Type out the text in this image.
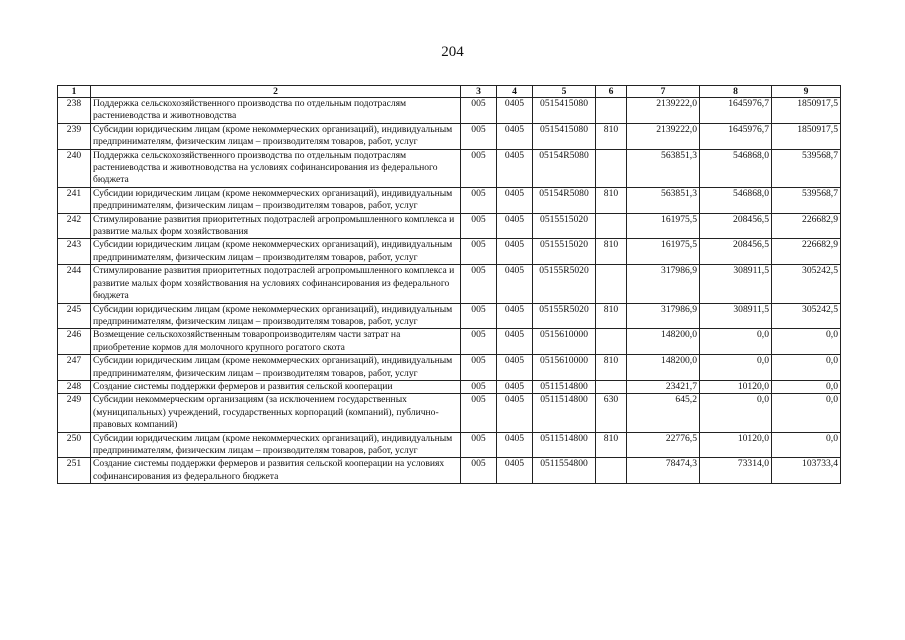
204
1	2	3	4	5	6	7	8	9
238	Поддержка сельскохозяйственного производства по отдельным подотраслям растениеводства и животноводства	005	0405	0515415080		2139222,0	1645976,7	1850917,5
239	Субсидии юридическим лицам (кроме некоммерческих организаций), индивидуальным предпринимателям, физическим лицам – производителям товаров, работ, услуг	005	0405	0515415080	810	2139222,0	1645976,7	1850917,5
240	Поддержка сельскохозяйственного производства по отдельным подотраслям растениеводства и животноводства на условиях софинансирования из федерального бюджета	005	0405	05154R5080		563851,3	546868,0	539568,7
241	Субсидии юридическим лицам (кроме некоммерческих организаций), индивидуальным предпринимателям, физическим лицам – производителям товаров, работ, услуг	005	0405	05154R5080	810	563851,3	546868,0	539568,7
242	Стимулирование развития приоритетных подотраслей агропромышленного комплекса и развитие малых форм хозяйствования	005	0405	0515515020		161975,5	208456,5	226682,9
243	Субсидии юридическим лицам (кроме некоммерческих организаций), индивидуальным предпринимателям, физическим лицам – производителям товаров, работ, услуг	005	0405	0515515020	810	161975,5	208456,5	226682,9
244	Стимулирование развития приоритетных подотраслей агропромышленного комплекса и развитие малых форм хозяйствования на условиях софинансирования из федерального бюджета	005	0405	05155R5020		317986,9	308911,5	305242,5
245	Субсидии юридическим лицам (кроме некоммерческих организаций), индивидуальным предпринимателям, физическим лицам – производителям товаров, работ, услуг	005	0405	05155R5020	810	317986,9	308911,5	305242,5
246	Возмещение сельскохозяйственным товаропроизводителям части затрат на приобретение кормов для молочного крупного рогатого скота	005	0405	0515610000		148200,0	0,0	0,0
247	Субсидии юридическим лицам (кроме некоммерческих организаций), индивидуальным предпринимателям, физическим лицам – производителям товаров, работ, услуг	005	0405	0515610000	810	148200,0	0,0	0,0
248	Создание системы поддержки фермеров и развития сельской кооперации	005	0405	0511514800		23421,7	10120,0	0,0
249	Субсидии некоммерческим организациям (за исключением государственных (муниципальных) учреждений, государственных корпораций (компаний), публично-правовых компаний)	005	0405	0511514800	630	645,2	0,0	0,0
250	Субсидии юридическим лицам (кроме некоммерческих организаций), индивидуальным предпринимателям, физическим лицам – производителям товаров, работ, услуг	005	0405	0511514800	810	22776,5	10120,0	0,0
251	Создание системы поддержки фермеров и развития сельской кооперации на условиях софинансирования из федерального бюджета	005	0405	0511554800		78474,3	73314,0	103733,4
